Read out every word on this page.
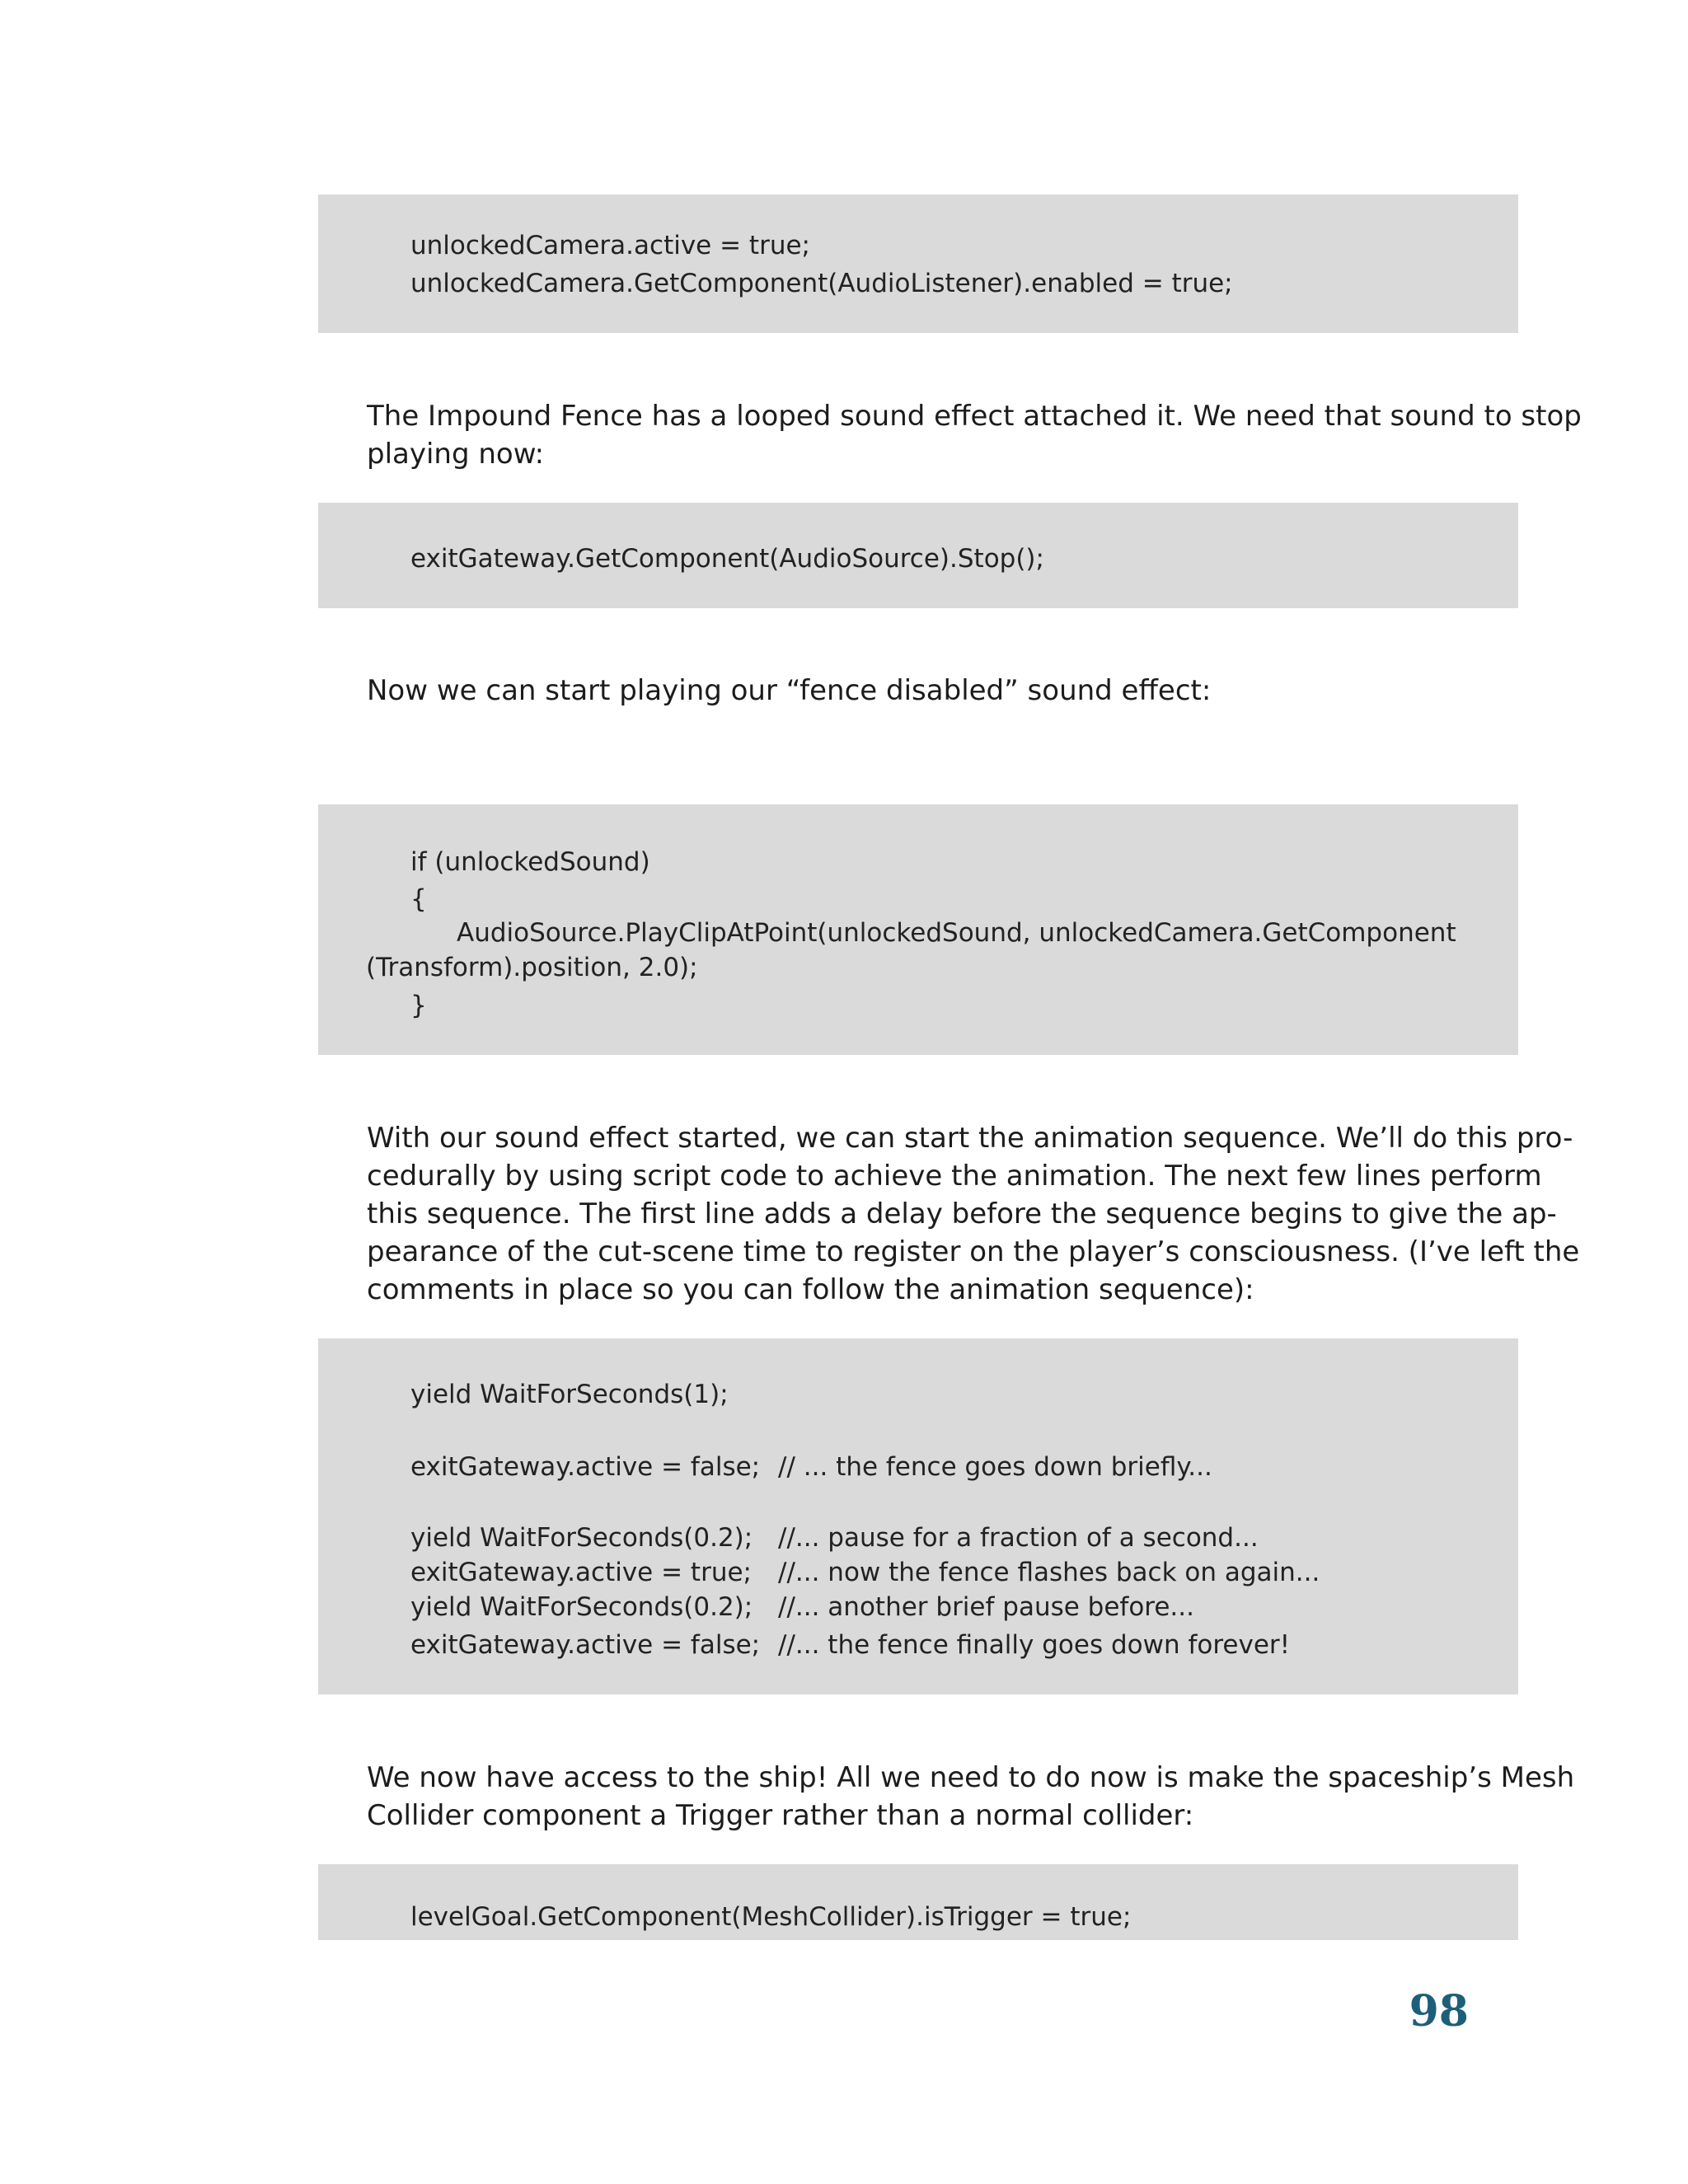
unlockedCamera.active = true;
unlockedCamera.GetComponent(AudioListener).enabled = true;
The Impound Fence has a looped sound effect attached it. We need that sound to stop
playing now:
exitGateway.GetComponent(AudioSource).Stop();
Now we can start playing our “fence disabled” sound effect:
if (unlockedSound)
{
AudioSource.PlayClipAtPoint(unlockedSound, unlockedCamera.GetComponent
(Transform).position, 2.0);
}
With our sound effect started, we can start the animation sequence. We’ll do this pro-
cedurally by using script code to achieve the animation. The next few lines perform
this sequence. The first line adds a delay before the sequence begins to give the ap-
pearance of the cut-scene time to register on the player’s consciousness. (I’ve left the
comments in place so you can follow the animation sequence):
yield WaitForSeconds(1);
exitGateway.active = false; // ... the fence goes down briefly...
yield WaitForSeconds(0.2); //... pause for a fraction of a second...
exitGateway.active = true; //... now the fence flashes back on again...
yield WaitForSeconds(0.2); //... another brief pause before...
exitGateway.active = false; //... the fence finally goes down forever!
We now have access to the ship! All we need to do now is make the spaceship’s Mesh
Collider component a Trigger rather than a normal collider:
levelGoal.GetComponent(MeshCollider).isTrigger = true;
98
